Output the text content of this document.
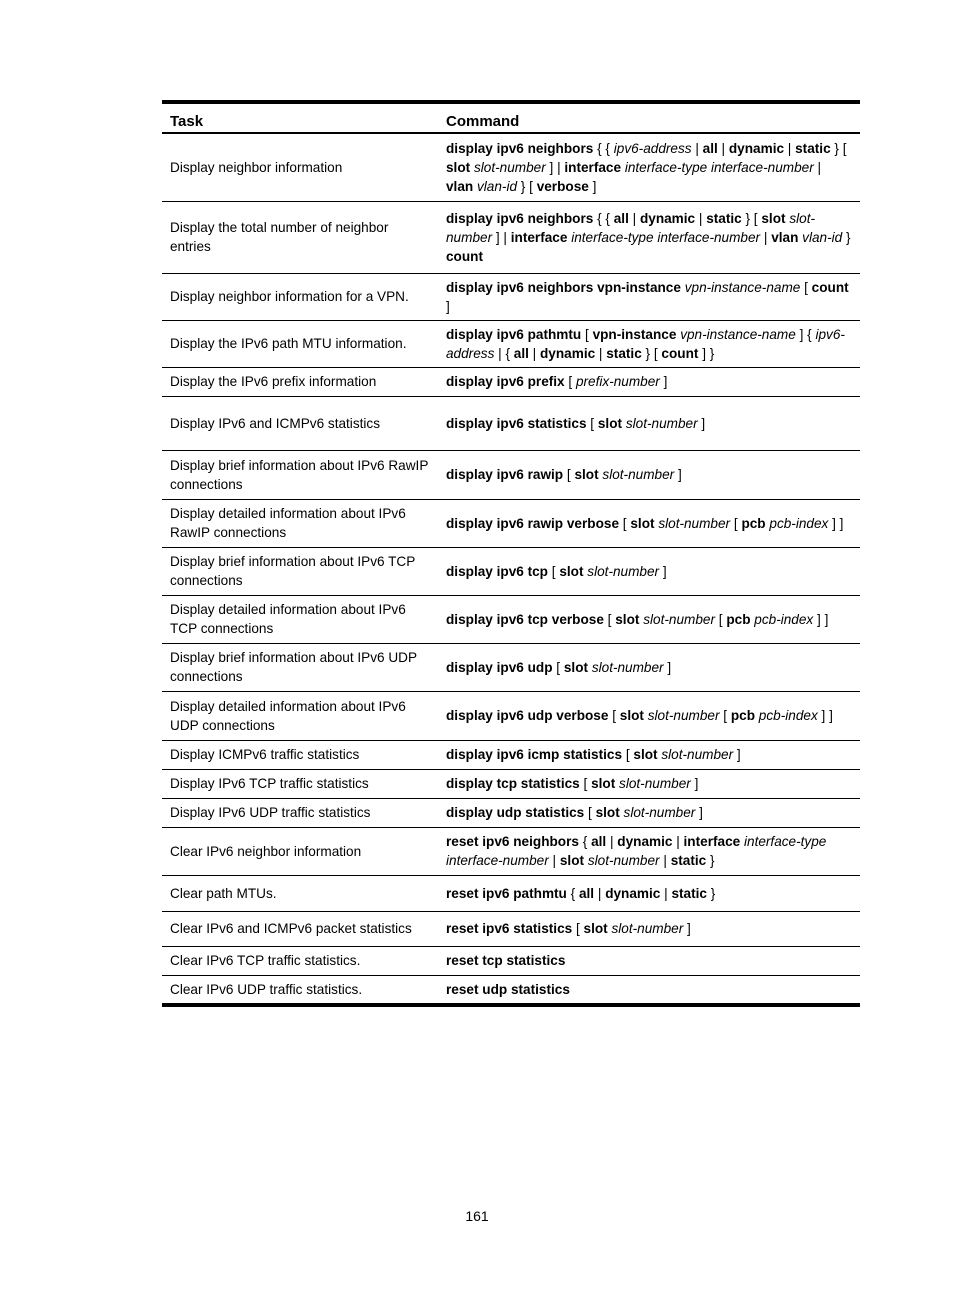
Task	Command
Display neighbor information	display ipv6 neighbors { { ipv6-address | all | dynamic | static } [ slot slot-number ] | interface interface-type interface-number | vlan vlan-id } [ verbose ]
Display the total number of neighbor entries	display ipv6 neighbors { { all | dynamic | static } [ slot slot-number ] | interface interface-type interface-number | vlan vlan-id } count
Display neighbor information for a VPN.	display ipv6 neighbors vpn-instance vpn-instance-name [ count ]
Display the IPv6 path MTU information.	display ipv6 pathmtu [ vpn-instance vpn-instance-name ] { ipv6-address | { all | dynamic | static } [ count ] }
Display the IPv6 prefix information	display ipv6 prefix [ prefix-number ]
Display IPv6 and ICMPv6 statistics	display ipv6 statistics [ slot slot-number ]
Display brief information about IPv6 RawIP connections	display ipv6 rawip [ slot slot-number ]
Display detailed information about IPv6 RawIP connections	display ipv6 rawip verbose [ slot slot-number [ pcb pcb-index ] ]
Display brief information about IPv6 TCP connections	display ipv6 tcp [ slot slot-number ]
Display detailed information about IPv6 TCP connections	display ipv6 tcp verbose [ slot slot-number [ pcb pcb-index ] ]
Display brief information about IPv6 UDP connections	display ipv6 udp [ slot slot-number ]
Display detailed information about IPv6 UDP connections	display ipv6 udp verbose [ slot slot-number [ pcb pcb-index ] ]
Display ICMPv6 traffic statistics	display ipv6 icmp statistics [ slot slot-number ]
Display IPv6 TCP traffic statistics	display tcp statistics [ slot slot-number ]
Display IPv6 UDP traffic statistics	display udp statistics [ slot slot-number ]
Clear IPv6 neighbor information	reset ipv6 neighbors { all | dynamic | interface interface-type interface-number | slot slot-number | static }
Clear path MTUs.	reset ipv6 pathmtu { all | dynamic | static }
Clear IPv6 and ICMPv6 packet statistics	reset ipv6 statistics [ slot slot-number ]
Clear IPv6 TCP traffic statistics.	reset tcp statistics
Clear IPv6 UDP traffic statistics.	reset udp statistics
161
